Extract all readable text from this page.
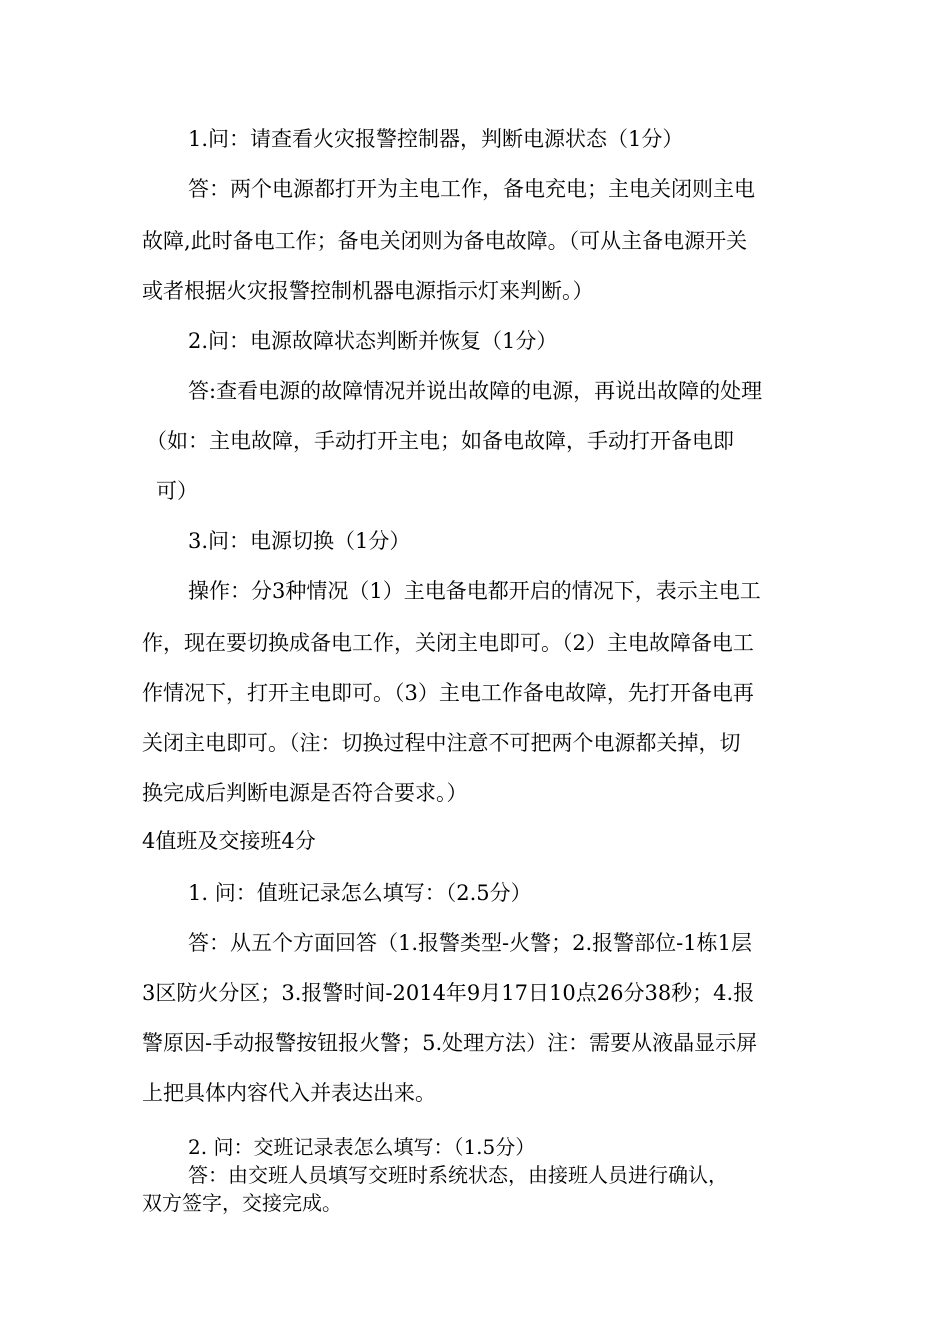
1.问：请查看火灾报警控制器，判断电源状态（1分）

答：两个电源都打开为主电工作，备电充电；主电关闭则主电

故障,此时备电工作；备电关闭则为备电故障。（可从主备电源开关

或者根据火灾报警控制机器电源指示灯来判断。）

2.问：电源故障状态判断并恢复（1分）

答:查看电源的故障情况并说出故障的电源，再说出故障的处理

（如：主电故障，手动打开主电；如备电故障，手动打开备电即

可）

3.问：电源切换（1分）

操作：分3种情况（1）主电备电都开启的情况下，表示主电工

作，现在要切换成备电工作，关闭主电即可。（2）主电故障备电工

作情况下，打开主电即可。（3）主电工作备电故障，先打开备电再

关闭主电即可。（注：切换过程中注意不可把两个电源都关掉，切

换完成后判断电源是否符合要求。）

4值班及交接班4分

1. 问：值班记录怎么填写：（2.5分）

答：从五个方面回答（1.报警类型-火警；2.报警部位-1栋1层

3区防火分区；3.报警时间-2014年9月17日10点26分38秒；4.报

警原因-手动报警按钮报火警；5.处理方法）注：需要从液晶显示屏

上把具体内容代入并表达出来。

2. 问：交班记录表怎么填写：（1.5分）

答：由交班人员填写交班时系统状态，由接班人员进行确认，

双方签字，交接完成。
